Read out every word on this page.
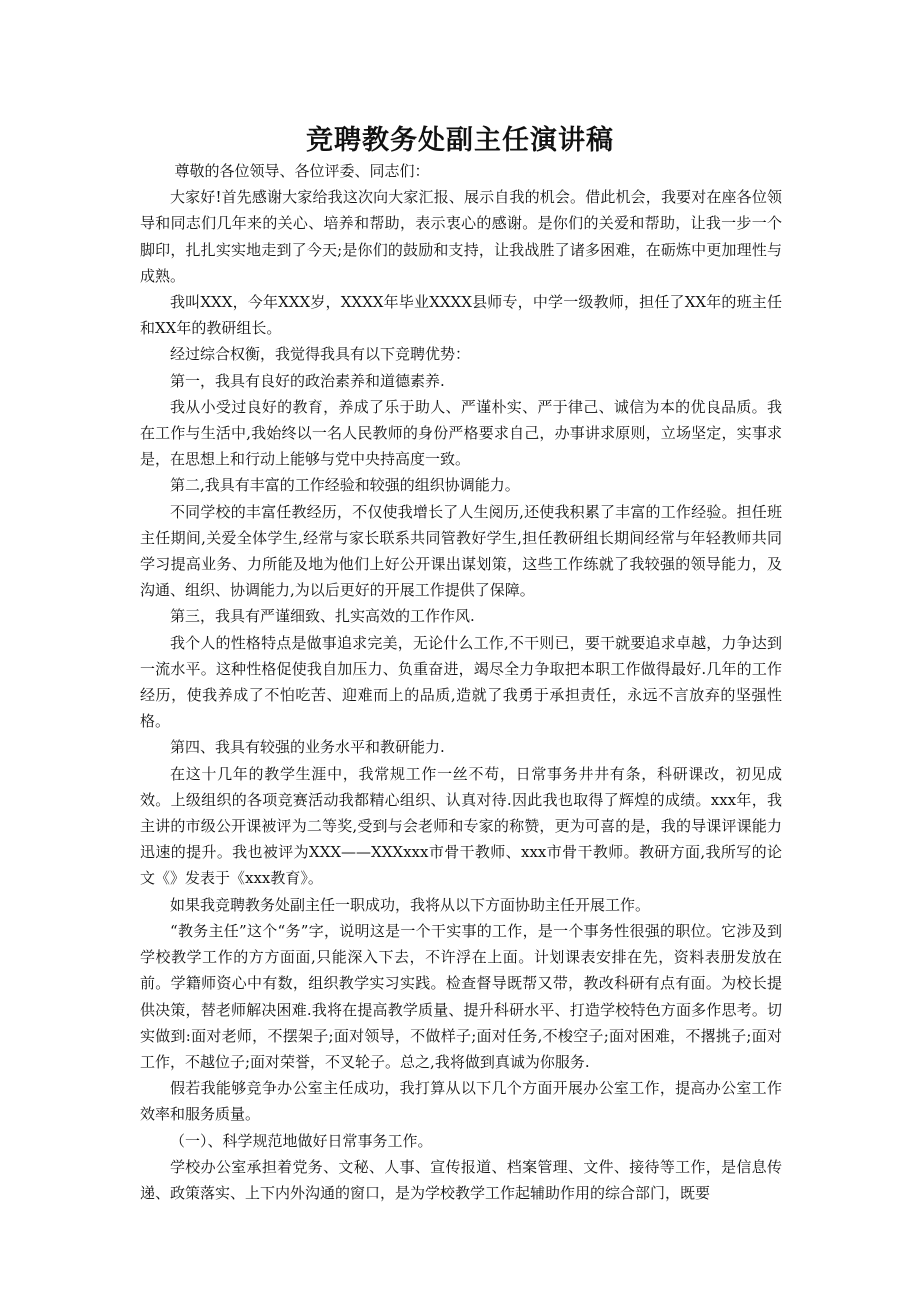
竞聘教务处副主任演讲稿

尊敬的各位领导、各位评委、同志们：

大家好!首先感谢大家给我这次向大家汇报、展示自我的机会。借此机会，我要对在座各位领导和同志们几年来的关心、培养和帮助，表示衷心的感谢。是你们的关爱和帮助，让我一步一个脚印，扎扎实实地走到了今天;是你们的鼓励和支持，让我战胜了诸多困难，在砺炼中更加理性与成熟。

我叫XXX，今年XXX岁，XXXX年毕业XXXX县师专，中学一级教师，担任了XX年的班主任和XX年的教研组长。

经过综合权衡，我觉得我具有以下竞聘优势：

第一，我具有良好的政治素养和道德素养.

我从小受过良好的教育，养成了乐于助人、严谨朴实、严于律己、诚信为本的优良品质。我在工作与生活中,我始终以一名人民教师的身份严格要求自己，办事讲求原则，立场坚定，实事求是，在思想上和行动上能够与党中央持高度一致。

第二,我具有丰富的工作经验和较强的组织协调能力。

不同学校的丰富任教经历，不仅使我增长了人生阅历,还使我积累了丰富的工作经验。担任班主任期间,关爱全体学生,经常与家长联系共同管教好学生,担任教研组长期间经常与年轻教师共同学习提高业务、力所能及地为他们上好公开课出谋划策，这些工作练就了我较强的领导能力，及沟通、组织、协调能力,为以后更好的开展工作提供了保障。

第三，我具有严谨细致、扎实高效的工作作风.

我个人的性格特点是做事追求完美，无论什么工作,不干则已，要干就要追求卓越，力争达到一流水平。这种性格促使我自加压力、负重奋进，竭尽全力争取把本职工作做得最好.几年的工作经历，使我养成了不怕吃苦、迎难而上的品质,造就了我勇于承担责任，永远不言放弃的坚强性格。

第四、我具有较强的业务水平和教研能力.

在这十几年的教学生涯中，我常规工作一丝不苟，日常事务井井有条，科研课改，初见成效。上级组织的各项竞赛活动我都精心组织、认真对待.因此我也取得了辉煌的成绩。xxx年，我主讲的市级公开课被评为二等奖,受到与会老师和专家的称赞，更为可喜的是，我的导课评课能力迅速的提升。我也被评为XXX——XXXxxx市骨干教师、xxx市骨干教师。教研方面,我所写的论文《》发表于《xxx教育》。

如果我竞聘教务处副主任一职成功，我将从以下方面协助主任开展工作。

“教务主任”这个“务”字，说明这是一个干实事的工作，是一个事务性很强的职位。它涉及到学校教学工作的方方面面,只能深入下去，不许浮在上面。计划课表安排在先，资料表册发放在前。学籍师资心中有数，组织教学实习实践。检查督导既帮又带，教改科研有点有面。为校长提供决策，替老师解决困难.我将在提高教学质量、提升科研水平、打造学校特色方面多作思考。切实做到:面对老师，不摆架子;面对领导，不做样子;面对任务,不梭空子;面对困难，不撂挑子;面对工作，不越位子;面对荣誉，不叉轮子。总之,我将做到真诚为你服务.

假若我能够竞争办公室主任成功，我打算从以下几个方面开展办公室工作，提高办公室工作效率和服务质量。

（一）、科学规范地做好日常事务工作。

学校办公室承担着党务、文秘、人事、宣传报道、档案管理、文件、接待等工作，是信息传递、政策落实、上下内外沟通的窗口，是为学校教学工作起辅助作用的综合部门，既要
